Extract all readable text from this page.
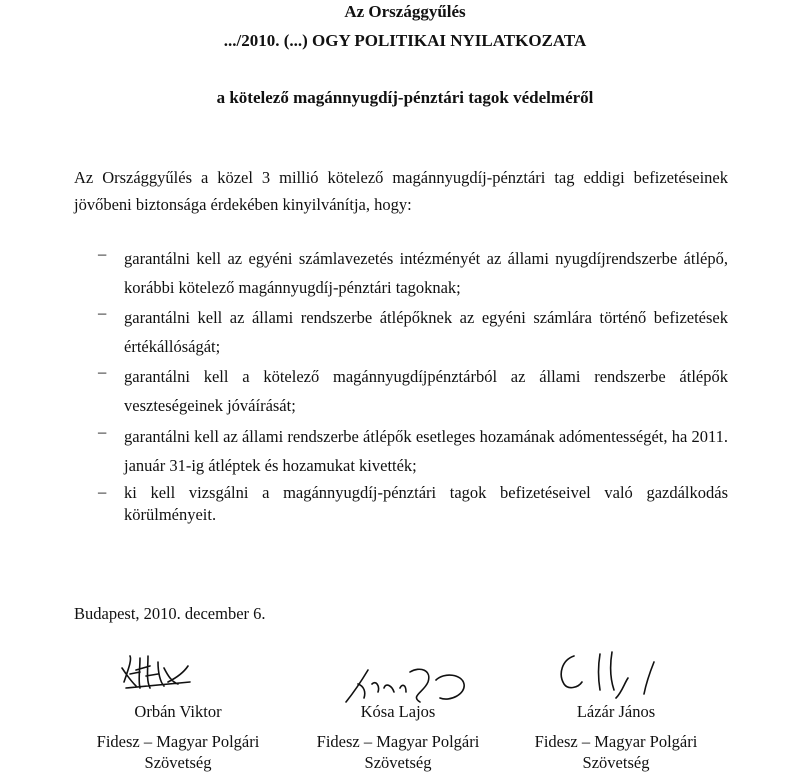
Az Országgyűlés
.../2010. (...) OGY POLITIKAI NYILATKOZATA
a kötelező magánnyugdíj-pénztári tagok védelméről
Az Országgyűlés a közel 3 millió kötelező magánnyugdíj-pénztári tag eddigi befizetéseinek jövőbeni biztonsága érdekében kinyilvánítja, hogy:
– garantálni kell az egyéni számlavezetés intézményét az állami nyugdíjrendszerbe átlépő, korábbi kötelező magánnyugdíj-pénztári tagoknak;
– garantálni kell az állami rendszerbe átlépőknek az egyéni számlára történő befizetések értékállóságát;
– garantálni kell a kötelező magánnyugdíjpénztárból az állami rendszerbe átlépők veszteségeinek jóváírását;
– garantálni kell az állami rendszerbe átlépők esetleges hozamának adómentességét, ha 2011. január 31-ig átléptek és hozamukat kivették;
– ki kell vizsgálni a magánnyugdíj-pénztári tagok befizetéseivel való gazdálkodás körülményeit.
Budapest, 2010. december 6.
Orbán Viktor
Fidesz – Magyar Polgári
Szövetség
Kósa Lajos
Fidesz – Magyar Polgári
Szövetség
Lázár János
Fidesz – Magyar Polgári
Szövetség
